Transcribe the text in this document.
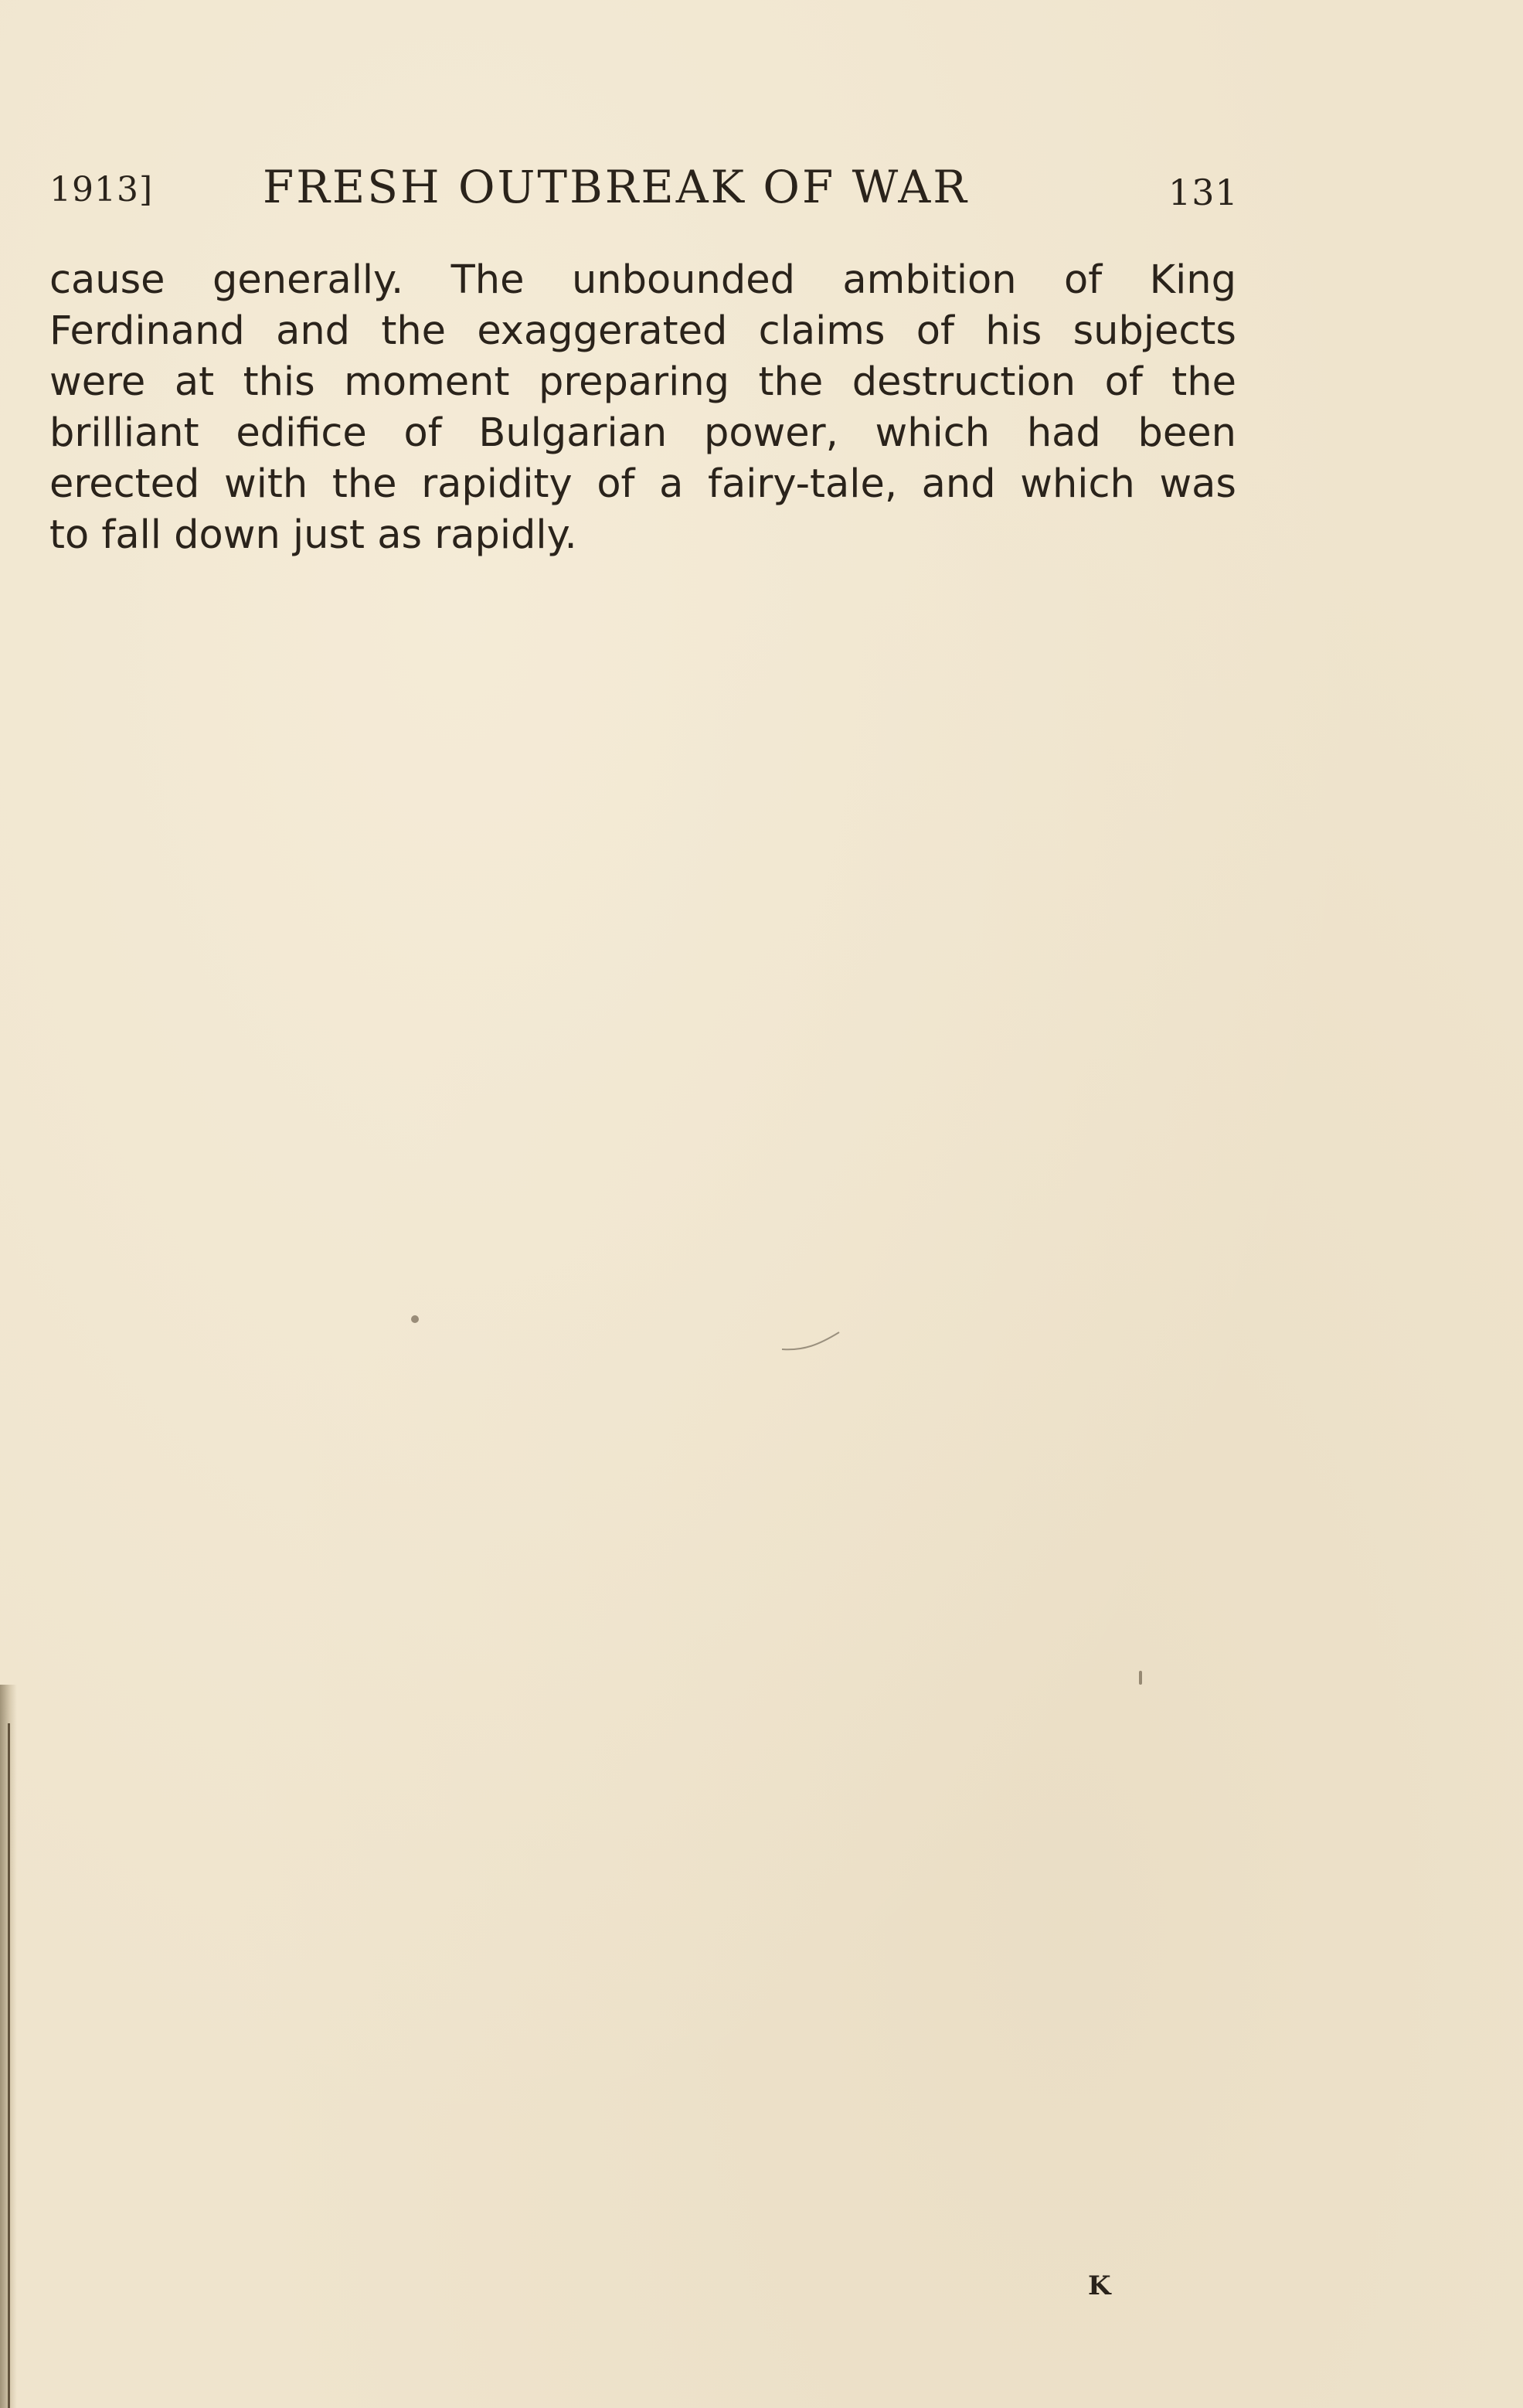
1913] FRESH OUTBREAK OF WAR	131
cause generally. The unbounded ambition of King
Ferdinand and the exaggerated claims of his subjects
were at this moment preparing the destruction of the
brilliant edifice of Bulgarian power, which had been
erected with the rapidity of a fairy-tale, and which was
to fall down just as rapidly.
K
